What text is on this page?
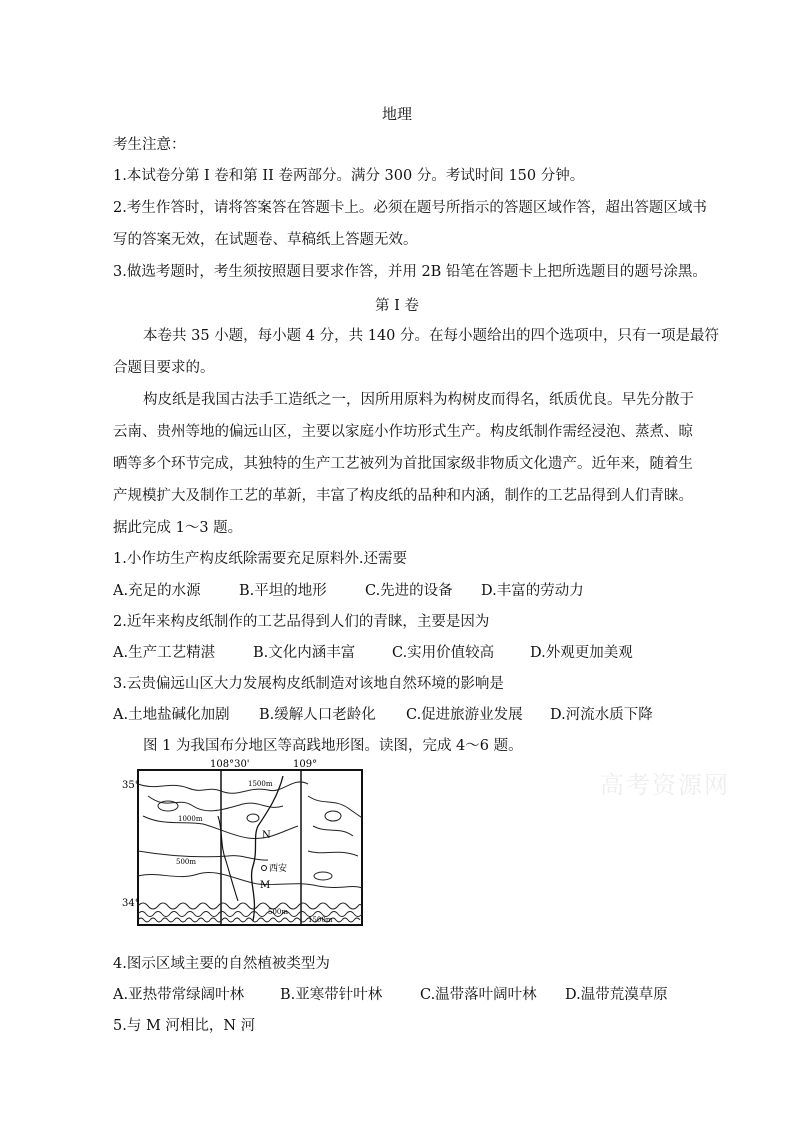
地理
考生注意：
1.本试卷分第 I 卷和第 II 卷两部分。满分 300 分。考试时间 150 分钟。
2.考生作答时，请将答案答在答题卡上。必须在题号所指示的答题区域作答，超出答题区域书
写的答案无效，在试题卷、草稿纸上答题无效。
3.做选考题时，考生须按照题目要求作答，并用 2B 铅笔在答题卡上把所选题目的题号涂黑。
第 I 卷
本卷共 35 小题，每小题 4 分，共 140 分。在每小题给出的四个选项中，只有一项是最符
合题目要求的。
构皮纸是我国古法手工造纸之一，因所用原料为构树皮而得名，纸质优良。早先分散于
云南、贵州等地的偏远山区，主要以家庭小作坊形式生产。构皮纸制作需经浸泡、蒸煮、晾
晒等多个环节完成，其独特的生产工艺被列为首批国家级非物质文化遗产。近年来，随着生
产规模扩大及制作工艺的革新，丰富了构皮纸的品种和内涵，制作的工艺品得到人们青睐。
据此完成 1～3 题。
1.小作坊生产构皮纸除需要充足原料外.还需要
A.充足的水源	B.平坦的地形	C.先进的设备 D.丰富的劳动力
2.近年来构皮纸制作的工艺品得到人们的青睐，主要是因为
A.生产工艺精湛	B.文化内涵丰富	C.实用价值较高 D.外观更加美观
3.云贵偏远山区大力发展构皮纸制造对该地自然环境的影响是
A.土地盐碱化加剧 B.缓解人口老龄化 C.促进旅游业发展 D.河流水质下降
图 1 为我国布分地区等高践地形图。读图，完成 4～6 题。
高考资源网
108°30'	109°
35°
34°
1500m
1000m
500m
500m
1500m
N
M
西安
4.图示区域主要的自然植被类型为
A.亚热带常绿阔叶林 B.亚寒带针叶林	C.温带落叶阔叶林 D.温带荒漠草原
5.与 M 河相比，N 河
